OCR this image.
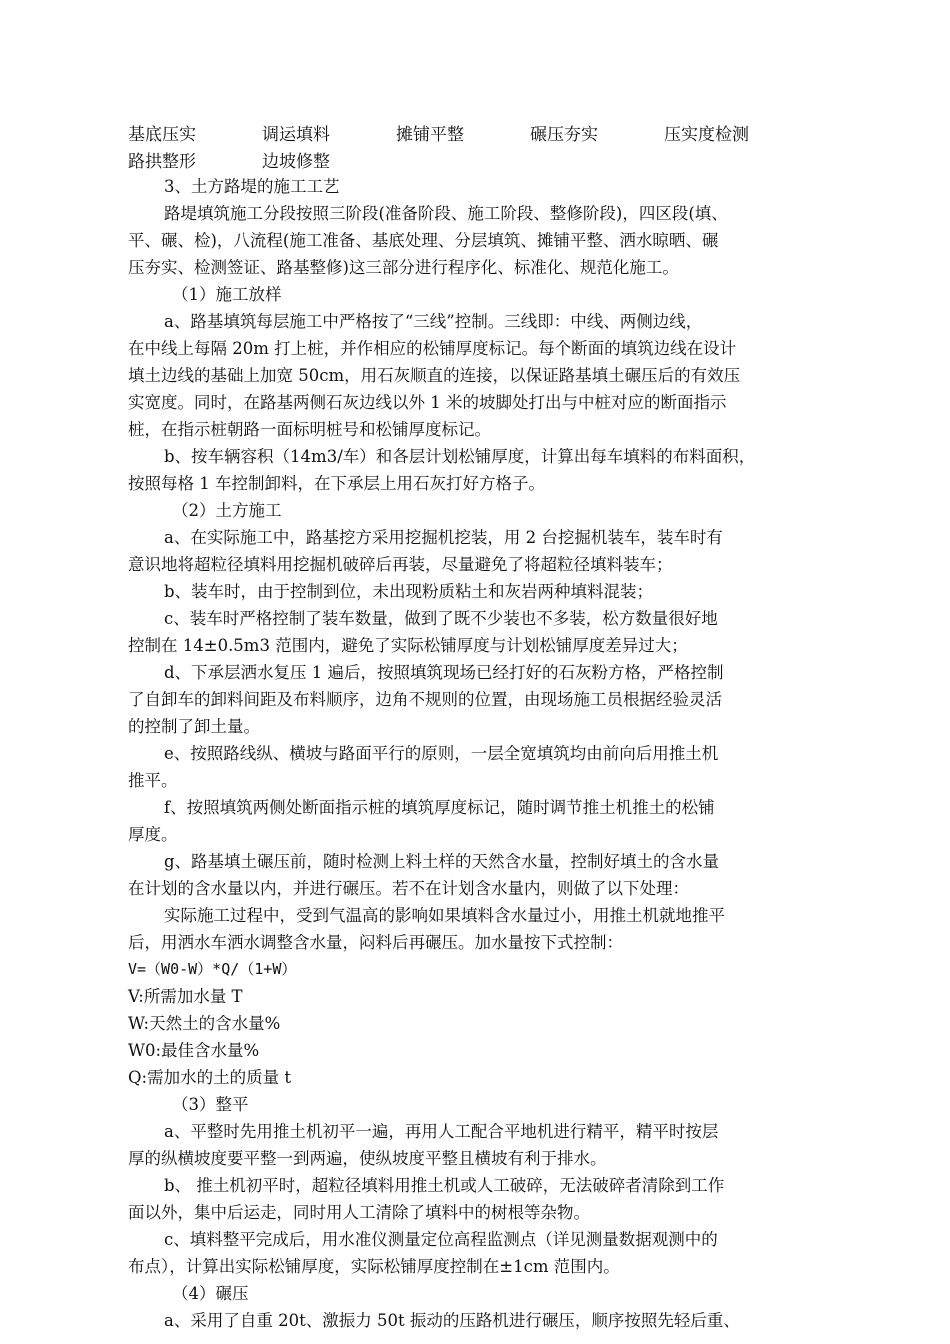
基底压实	调运填料	摊铺平整	碾压夯实	压实度检测
路拱整形	边坡修整
3、土方路堤的施工工艺
路堤填筑施工分段按照三阶段(准备阶段、施工阶段、整修阶段)，四区段(填、
平、碾、检)，八流程(施工准备、基底处理、分层填筑、摊铺平整、洒水晾晒、碾
压夯实、检测签证、路基整修)这三部分进行程序化、标准化、规范化施工。
（1）施工放样
a、路基填筑每层施工中严格按了“三线”控制。三线即：中线、两侧边线，
在中线上每隔 20m 打上桩，并作相应的松铺厚度标记。每个断面的填筑边线在设计
填土边线的基础上加宽 50cm，用石灰顺直的连接，以保证路基填土碾压后的有效压
实宽度。同时，在路基两侧石灰边线以外 1 米的坡脚处打出与中桩对应的断面指示
桩，在指示桩朝路一面标明桩号和松铺厚度标记。
b、按车辆容积（14m3/车）和各层计划松铺厚度，计算出每车填料的布料面积，
按照每格 1 车控制卸料，在下承层上用石灰打好方格子。
（2）土方施工
a、在实际施工中，路基挖方采用挖掘机挖装，用 2 台挖掘机装车，装车时有
意识地将超粒径填料用挖掘机破碎后再装，尽量避免了将超粒径填料装车；
b、装车时，由于控制到位，未出现粉质粘土和灰岩两种填料混装；
c、装车时严格控制了装车数量，做到了既不少装也不多装，松方数量很好地
控制在 14±0.5m3 范围内，避免了实际松铺厚度与计划松铺厚度差异过大；
d、下承层洒水复压 1 遍后，按照填筑现场已经打好的石灰粉方格，严格控制
了自卸车的卸料间距及布料顺序，边角不规则的位置，由现场施工员根据经验灵活
的控制了卸土量。
e、按照路线纵、横坡与路面平行的原则，一层全宽填筑均由前向后用推土机
推平。
f、按照填筑两侧处断面指示桩的填筑厚度标记，随时调节推土机推土的松铺
厚度。
g、路基填土碾压前，随时检测上料土样的天然含水量，控制好填土的含水量
在计划的含水量以内，并进行碾压。若不在计划含水量内，则做了以下处理：
实际施工过程中，受到气温高的影响如果填料含水量过小，用推土机就地推平
后，用洒水车洒水调整含水量，闷料后再碾压。加水量按下式控制：
V=（W0-W）*Q/（1+W）
V:所需加水量 T
W:天然土的含水量%
W0:最佳含水量%
Q:需加水的土的质量 t
（3）整平
a、平整时先用推土机初平一遍，再用人工配合平地机进行精平，精平时按层
厚的纵横坡度要平整一到两遍，使纵坡度平整且横坡有利于排水。
b、 推土机初平时，超粒径填料用推土机或人工破碎，无法破碎者清除到工作
面以外，集中后运走，同时用人工清除了填料中的树根等杂物。
c、填料整平完成后，用水准仪测量定位高程监测点（详见测量数据观测中的
布点），计算出实际松铺厚度，实际松铺厚度控制在±1cm 范围内。
（4）碾压
a、采用了自重 20t、激振力 50t 振动的压路机进行碾压，顺序按照先轻后重、
